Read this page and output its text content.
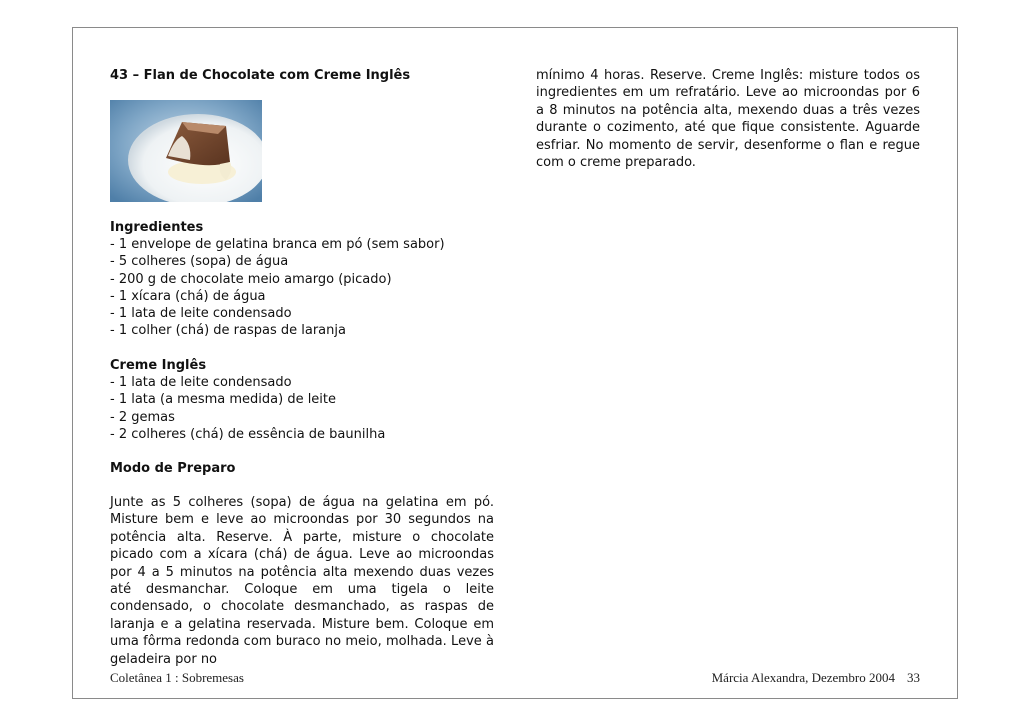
43 – Flan de Chocolate com Creme Inglês
Ingredientes
- 1 envelope de gelatina branca em pó (sem sabor)
- 5 colheres (sopa) de água
- 200 g de chocolate meio amargo (picado)
- 1 xícara (chá) de água
- 1 lata de leite condensado
- 1 colher (chá) de raspas de laranja
Creme Inglês
- 1 lata de leite condensado
- 1 lata (a mesma medida) de leite
- 2 gemas
- 2 colheres (chá) de essência de baunilha
Modo de Preparo

Junte as 5 colheres (sopa) de água na gelatina em pó. Misture bem e leve ao microondas por 30 segundos na potência alta. Reserve. À parte, misture o chocolate picado com a xícara (chá) de água. Leve ao microondas por 4 a 5 minutos na potência alta mexendo duas vezes até desmanchar. Coloque em uma tigela o leite condensado, o chocolate desmanchado, as raspas de laranja e a gelatina reservada. Misture bem. Coloque em uma fôrma redonda com buraco no meio, molhada. Leve à geladeira por no

mínimo 4 horas. Reserve. Creme Inglês: misture todos os ingredientes em um refratário. Leve ao microondas por 6 a 8 minutos na potência alta, mexendo duas a três vezes durante o cozimento, até que fique consistente. Aguarde esfriar. No momento de servir, desenforme o flan e regue com o creme preparado.

Coletânea 1 : Sobremesas	Márcia Alexandra, Dezembro 2004 33
